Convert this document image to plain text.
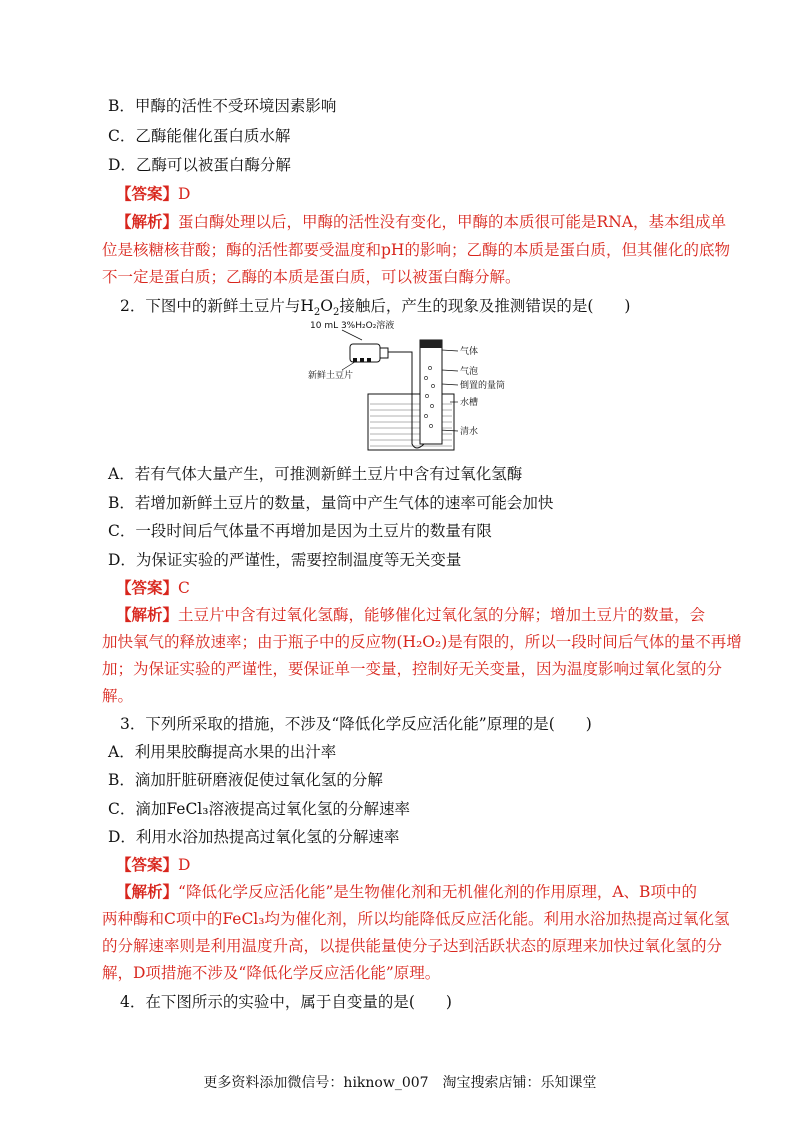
B．甲酶的活性不受环境因素影响
C．乙酶能催化蛋白质水解
D．乙酶可以被蛋白酶分解
【答案】D
【解析】蛋白酶处理以后，甲酶的活性没有变化，甲酶的本质很可能是RNA，基本组成单
位是核糖核苷酸；酶的活性都要受温度和pH的影响；乙酶的本质是蛋白质，但其催化的底物
不一定是蛋白质；乙酶的本质是蛋白质，可以被蛋白酶分解。
2．下图中的新鲜土豆片与$H_2O_2$接触后，产生的现象及推测错误的是(　　)
10 mL 3%H₂O₂溶液
新鲜土豆片
气体
气泡
倒置的量筒
水槽
清水
A．若有气体大量产生，可推测新鲜土豆片中含有过氧化氢酶
B．若增加新鲜土豆片的数量，量筒中产生气体的速率可能会加快
C．一段时间后气体量不再增加是因为土豆片的数量有限
D．为保证实验的严谨性，需要控制温度等无关变量
【答案】C
【解析】土豆片中含有过氧化氢酶，能够催化过氧化氢的分解；增加土豆片的数量，会
加快氧气的释放速率；由于瓶子中的反应物(H₂O₂)是有限的，所以一段时间后气体的量不再增
加；为保证实验的严谨性，要保证单一变量，控制好无关变量，因为温度影响过氧化氢的分
解。
3．下列所采取的措施，不涉及“降低化学反应活化能”原理的是(　　)
A．利用果胶酶提高水果的出汁率
B．滴加肝脏研磨液促使过氧化氢的分解
C．滴加FeCl₃溶液提高过氧化氢的分解速率
D．利用水浴加热提高过氧化氢的分解速率
【答案】D
【解析】“降低化学反应活化能”是生物催化剂和无机催化剂的作用原理，A、B项中的
两种酶和C项中的FeCl₃均为催化剂，所以均能降低反应活化能。利用水浴加热提高过氧化氢
的分解速率则是利用温度升高，以提供能量使分子达到活跃状态的原理来加快过氧化氢的分
解，D项措施不涉及“降低化学反应活化能”原理。
4．在下图所示的实验中，属于自变量的是(　　)
更多资料添加微信号：hiknow_007　淘宝搜索店铺：乐知课堂
